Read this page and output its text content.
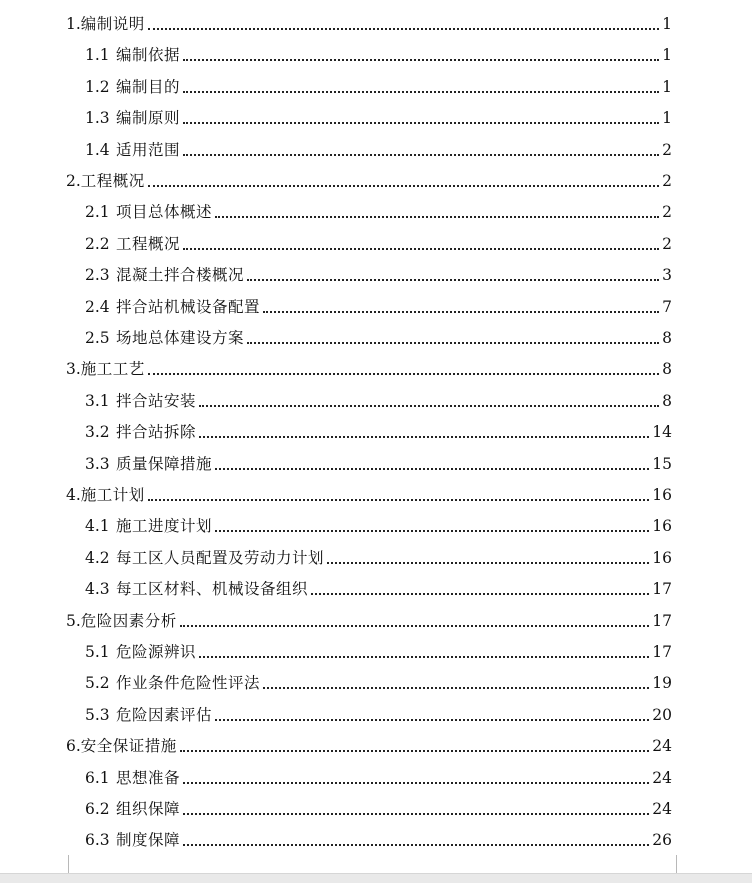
1. 编制说明	1
1.1 编制依据	1
1.2 编制目的	1
1.3 编制原则	1
1.4 适用范围	2
2. 工程概况	2
2.1 项目总体概述	2
2.2 工程概况	2
2.3 混凝土拌合楼概况	3
2.4 拌合站机械设备配置	7
2.5 场地总体建设方案	8
3. 施工工艺	8
3.1 拌合站安装	8
3.2 拌合站拆除	14
3.3 质量保障措施	15
4. 施工计划	16
4.1 施工进度计划	16
4.2 每工区人员配置及劳动力计划	16
4.3 每工区材料、机械设备组织	17
5. 危险因素分析	17
5.1 危险源辨识	17
5.2 作业条件危险性评法	19
5.3 危险因素评估	20
6. 安全保证措施	24
6.1 思想准备	24
6.2 组织保障	24
6.3 制度保障	26
